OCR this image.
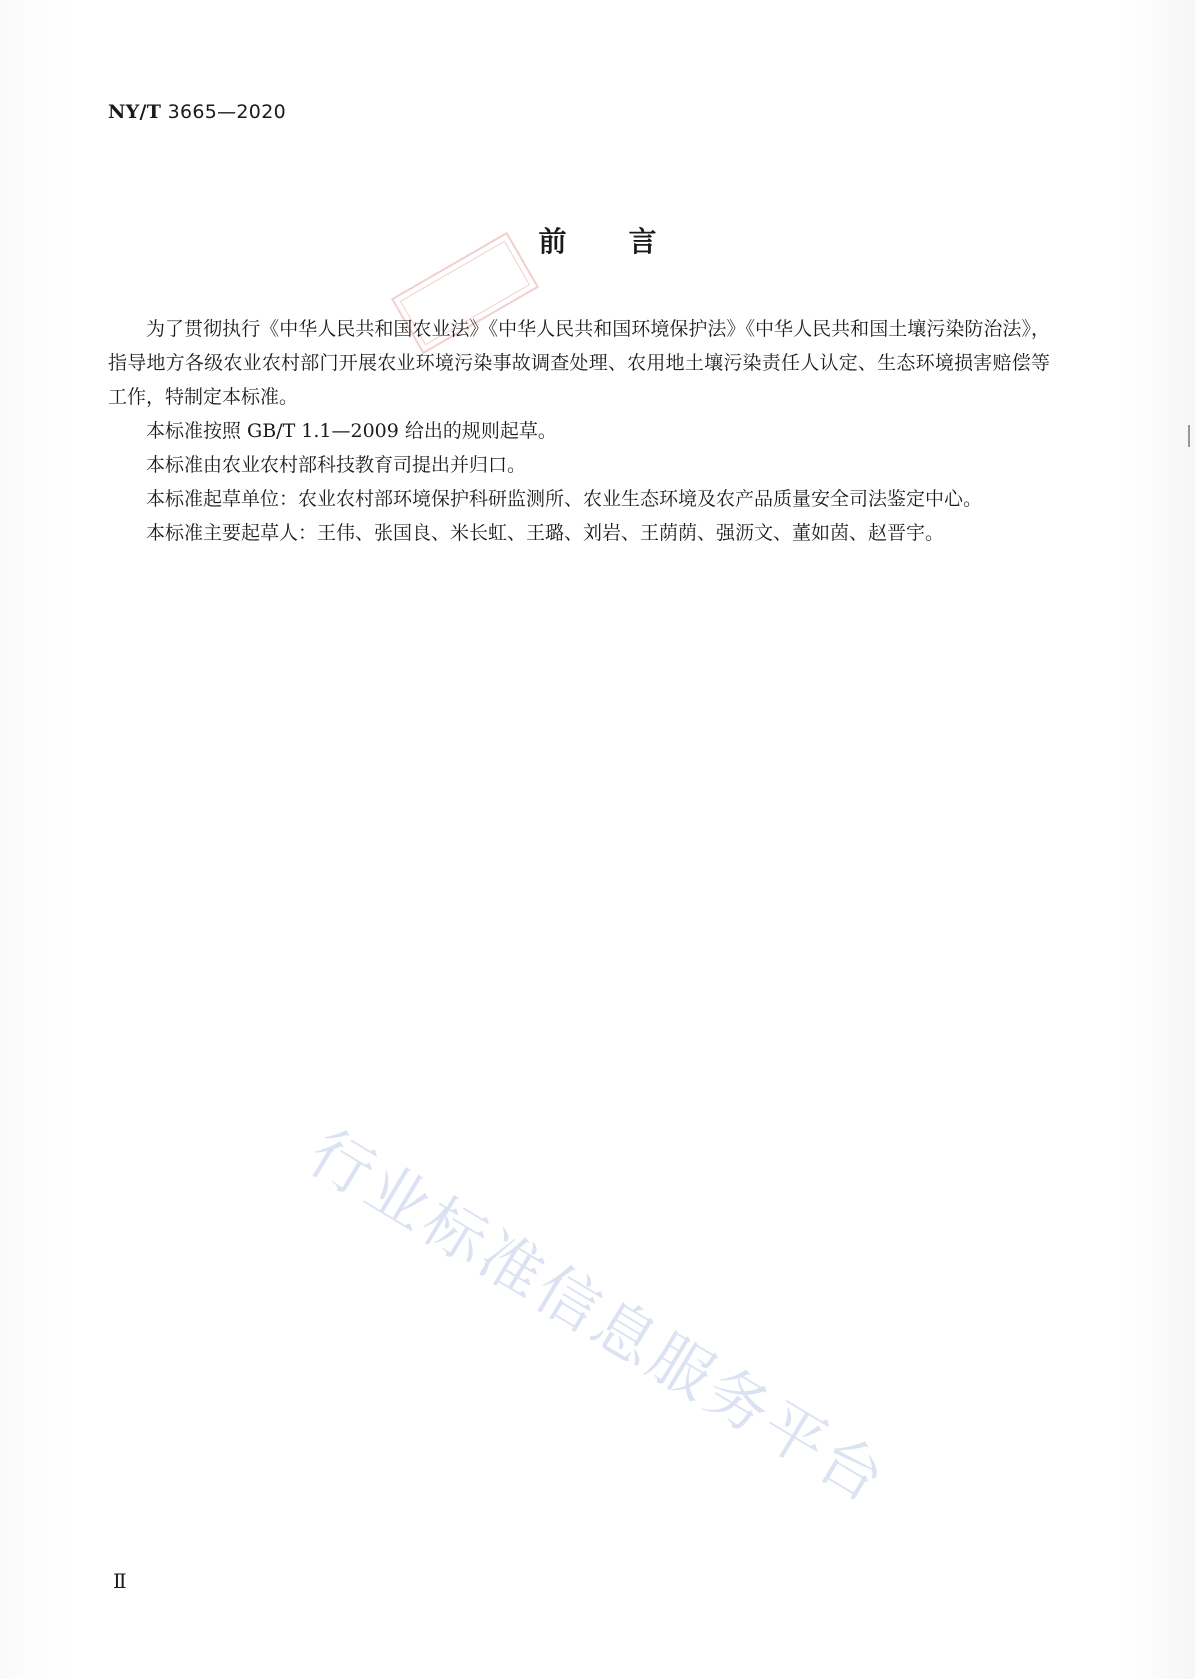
NY/T 3665—2020
前言

为了贯彻执行《中华人民共和国农业法》《中华人民共和国环境保护法》《中华人民共和国土壤污染防治法》，指导地方各级农业农村部门开展农业环境污染事故调查处理、农用地土壤污染责任人认定、生态环境损害赔偿等工作，特制定本标准。

本标准按照 GB/T 1.1—2009 给出的规则起草。

本标准由农业农村部科技教育司提出并归口。

本标准起草单位：农业农村部环境保护科研监测所、农业生态环境及农产品质量安全司法鉴定中心。

本标准主要起草人：王伟、张国良、米长虹、王璐、刘岩、王荫荫、强沥文、董如茵、赵晋宇。

行业标准信息服务平台
Ⅱ
